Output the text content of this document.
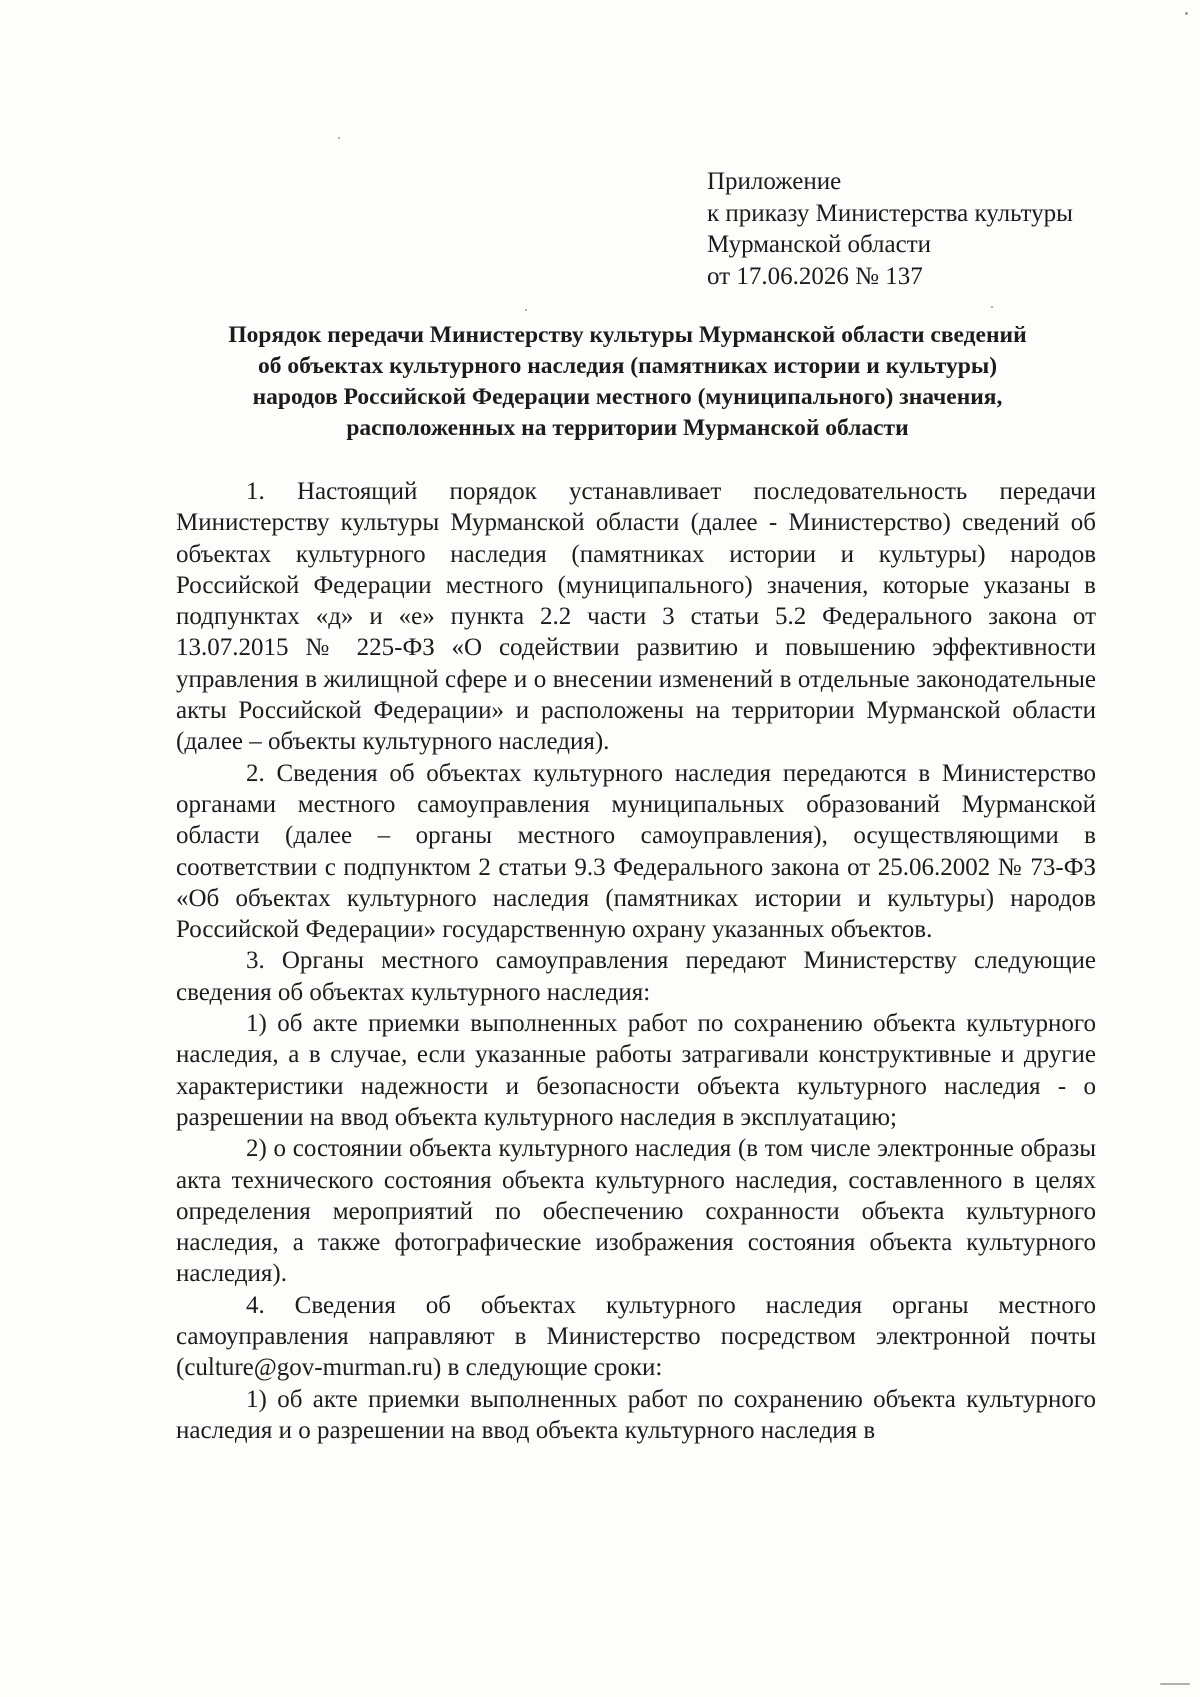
Приложение
к приказу Министерства культуры
Мурманской области
от 17.06.2026 № 137
Порядок передачи Министерству культуры Мурманской области сведений
об объектах культурного наследия (памятниках истории и культуры)
народов Российской Федерации местного (муниципального) значения,
расположенных на территории Мурманской области

1. Настоящий порядок устанавливает последовательность передачи Министерству культуры Мурманской области (далее - Министерство) сведений об объектах культурного наследия (памятниках истории и культуры) народов Российской Федерации местного (муниципального) значения, которые указаны в подпунктах «д» и «е» пункта 2.2 части 3 статьи 5.2 Федерального закона от 13.07.2015 № 225-ФЗ «О содействии развитию и повышению эффективности управления в жилищной сфере и о внесении изменений в отдельные законодательные акты Российской Федерации» и расположены на территории Мурманской области (далее – объекты культурного наследия).

2. Сведения об объектах культурного наследия передаются в Министерство органами местного самоуправления муниципальных образований Мурманской области (далее – органы местного самоуправления), осуществляющими в соответствии с подпунктом 2 статьи 9.3 Федерального закона от 25.06.2002 № 73-ФЗ «Об объектах культурного наследия (памятниках истории и культуры) народов Российской Федерации» государственную охрану указанных объектов.

3. Органы местного самоуправления передают Министерству следующие сведения об объектах культурного наследия:

1) об акте приемки выполненных работ по сохранению объекта культурного наследия, а в случае, если указанные работы затрагивали конструктивные и другие характеристики надежности и безопасности объекта культурного наследия - о разрешении на ввод объекта культурного наследия в эксплуатацию;

2) о состоянии объекта культурного наследия (в том числе электронные образы акта технического состояния объекта культурного наследия, составленного в целях определения мероприятий по обеспечению сохранности объекта культурного наследия, а также фотографические изображения состояния объекта культурного наследия).

4. Сведения об объектах культурного наследия органы местного самоуправления направляют в Министерство посредством электронной почты (culture@gov-murman.ru) в следующие сроки:

1) об акте приемки выполненных работ по сохранению объекта культурного наследия и о разрешении на ввод объекта культурного наследия в
